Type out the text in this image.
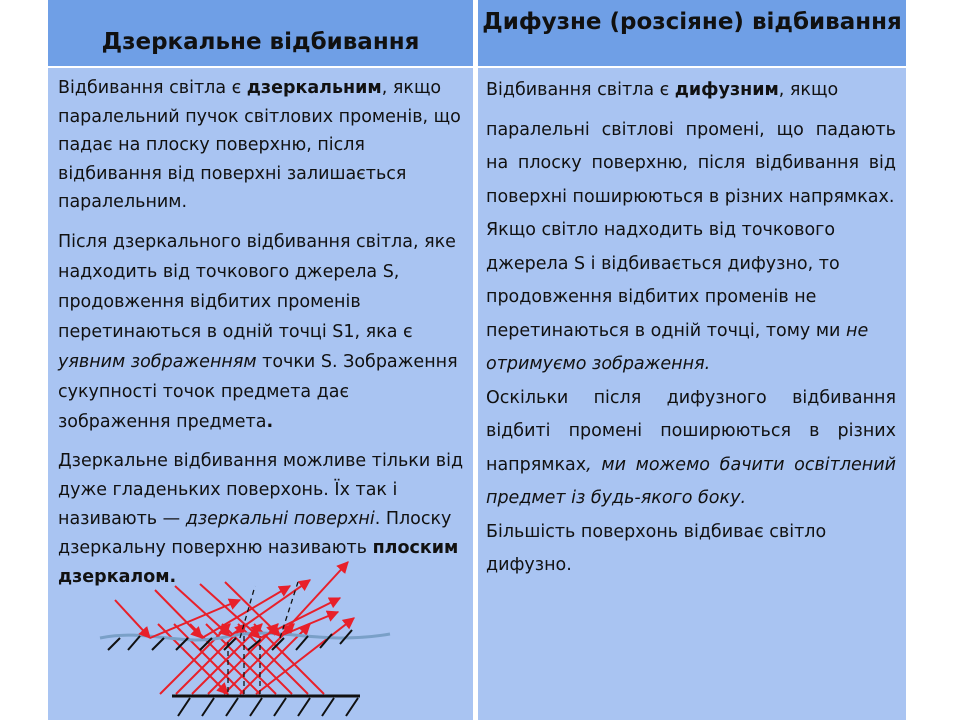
Дзеркальне відбивання
Дифузне (розсіяне) відбивання

Відбивання світла є дзеркальним, якщо паралельний пучок світлових променів, що падає на плоску поверхню, після відбивання від поверхні залишається паралельним.

Після дзеркального відбивання світла, яке надходить від точкового джерела S, продовження відбитих променів перетинаються в одній точці S1, яка є уявним зображенням точки S. Зображення сукупності точок предмета дає зображення предмета.

Дзеркальне відбивання можливе тільки від дуже гладеньких поверхонь. Їх так і називають — дзеркальні поверхні. Плоску дзеркальну поверхню називають плоским дзеркалом.

Відбивання світла є дифузним, якщо
паралельні світлові промені, що падають на плоску поверхню, після відбивання від поверхні поширюються в різних напрямках.

Якщо світло надходить від точкового джерела S і відбивається дифузно, то продовження відбитих променів не перетинаються в одній точці, тому ми не отримуємо зображення.

Оскільки після дифузного відбивання відбиті промені поширюються в різних напрямках, ми можемо бачити освітлений предмет із будь-якого боку.

Більшість поверхонь відбиває світло дифузно.
